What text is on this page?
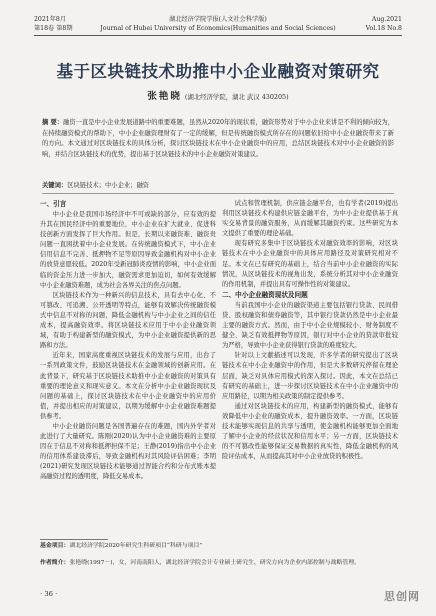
2021年8月	湖北经济学院学报(人文社会科学版)	Aug.2021
第18卷 第8期	Journal of Hubei University of Economics(Humanities and Social Sciences)	Vol.18 No.8
基于区块链技术助推中小企业融资对策研究
张艳晓 (湖北经济学院，湖北 武汉 430205)
摘 要：融资一直是中小企业发展道路中的重要难题，虽然从2020年的现状看，融资形势对于中小企业来讲是不利的倾向较为，在持续融资模式的帮助下，中小企业融资理财有了一定的缓解，但是传统融资模式所存在的问题依旧给中小企业融资带来了新的方向。本文通过对区块链技术的具体分析，探讨区块链技术在中小企业融资中的应用，总结区块链技术对中小企业融资的影响，并结合区块链技术的优势，提出基于区块链技术的中小企业融资对策建议。
关键词：区块链技术；中小企业；融资
一、引言

中小企业是我国市场经济中不可或缺的部分，应有效的提升其在国民经济中的重要地位，中小企业在扩大就业、促进科技创新方面发挥了巨大作用。但是，长期以来融资难、融资贵问题一直困扰着中小企业发展。在传统融资模式下，中小企业信用信息不完善、抵押物不足等原因导致金融机构对中小企业的放贷意愿较低。2020年受新冠肺炎疫情的影响，中小企业面临的资金压力进一步加大，融资需求更加迫切，如何有效缓解中小企业融资难题，成为社会各界关注的焦点问题。

区块链技术作为一种新兴的信息技术，具有去中心化、不可篡改、可追溯、公开透明等特点，能够有效解决传统融资模式中信息不对称的问题，降低金融机构与中小企业之间的信任成本，提高融资效率。将区块链技术应用于中小企业融资领域，有助于构建新型的融资模式，为中小企业融资提供新的思路和方法。

近年来，国家高度重视区块链技术的发展与应用，出台了一系列政策文件，鼓励区块链技术在金融领域的创新应用。在此背景下，研究基于区块链技术助推中小企业融资的对策具有重要的理论意义和现实意义。本文在分析中小企业融资现状及问题的基础上，探讨区块链技术在中小企业融资中的应用价值，并提出相应的对策建议，以期为缓解中小企业融资难题提供参考。

中小企业融资问题是各国普遍存在的难题，国内外学者对此进行了大量研究。陈刚(2020)认为中小企业融资难的主要原因在于信息不对称和抵押担保不足；王静(2019)指出中小企业的信用体系建设滞后，导致金融机构对其风险评估困难；李明(2021)研究发现区块链技术能够通过智能合约和分布式账本提高融资过程的透明度，降低交易成本。

试点和管理机制，供应链金融平台，也有学者(2019)提出利用区块链技术构建供应链金融平台，为中小企业提供基于真实交易背景的融资服务，从而缓解其融资约束。这些研究为本文提供了重要的理论基础。

现有研究多集中于区块链技术对融资效率的影响，对区块链技术在中小企业融资中的具体应用路径及对策研究相对不足。本文在已有研究的基础上，结合当前中小企业融资的实际情况，从区块链技术的视角出发，系统分析其对中小企业融资的作用机制，并提出具有可操作性的对策建议。

二、中小企业融资现状及问题

当前我国中小企业的融资渠道主要包括银行贷款、民间借贷、股权融资和债券融资等，其中银行贷款仍然是中小企业最主要的融资方式。然而，由于中小企业规模较小、财务制度不健全、缺乏有效抵押物等原因，银行对中小企业的贷款审批较为严格，导致中小企业获得银行贷款的难度较大。

针对以上文献描述可以发现，许多学者的研究提出了区块链技术在中小企业融资中的作用，但是大多数研究停留在理论层面，缺乏对具体应用模式的深入探讨。因此，本文在总结已有研究的基础上，进一步探讨区块链技术在中小企业融资中的应用路径，以期为相关政策的制定提供参考。

通过对区块链技术的应用，构建新型的融资模式，能够有效降低中小企业的融资成本，提升融资效率。一方面，区块链技术能够实现信息的共享与透明，使金融机构能够更加全面地了解中小企业的经营状况和信用水平；另一方面，区块链技术的不可篡改性能够保证交易数据的真实性，降低金融机构的风险评估成本，从而提高其对中小企业放贷的积极性。

基金项目：湖北经济学院2020年研究生科研项目“科研与项目”
作者简介：张艳晓(1997－)，女，河南南阳人，湖北经济学院会计专业硕士研究生，研究方向为企业内部控制与战略管理。
· 36 ·	思创网
